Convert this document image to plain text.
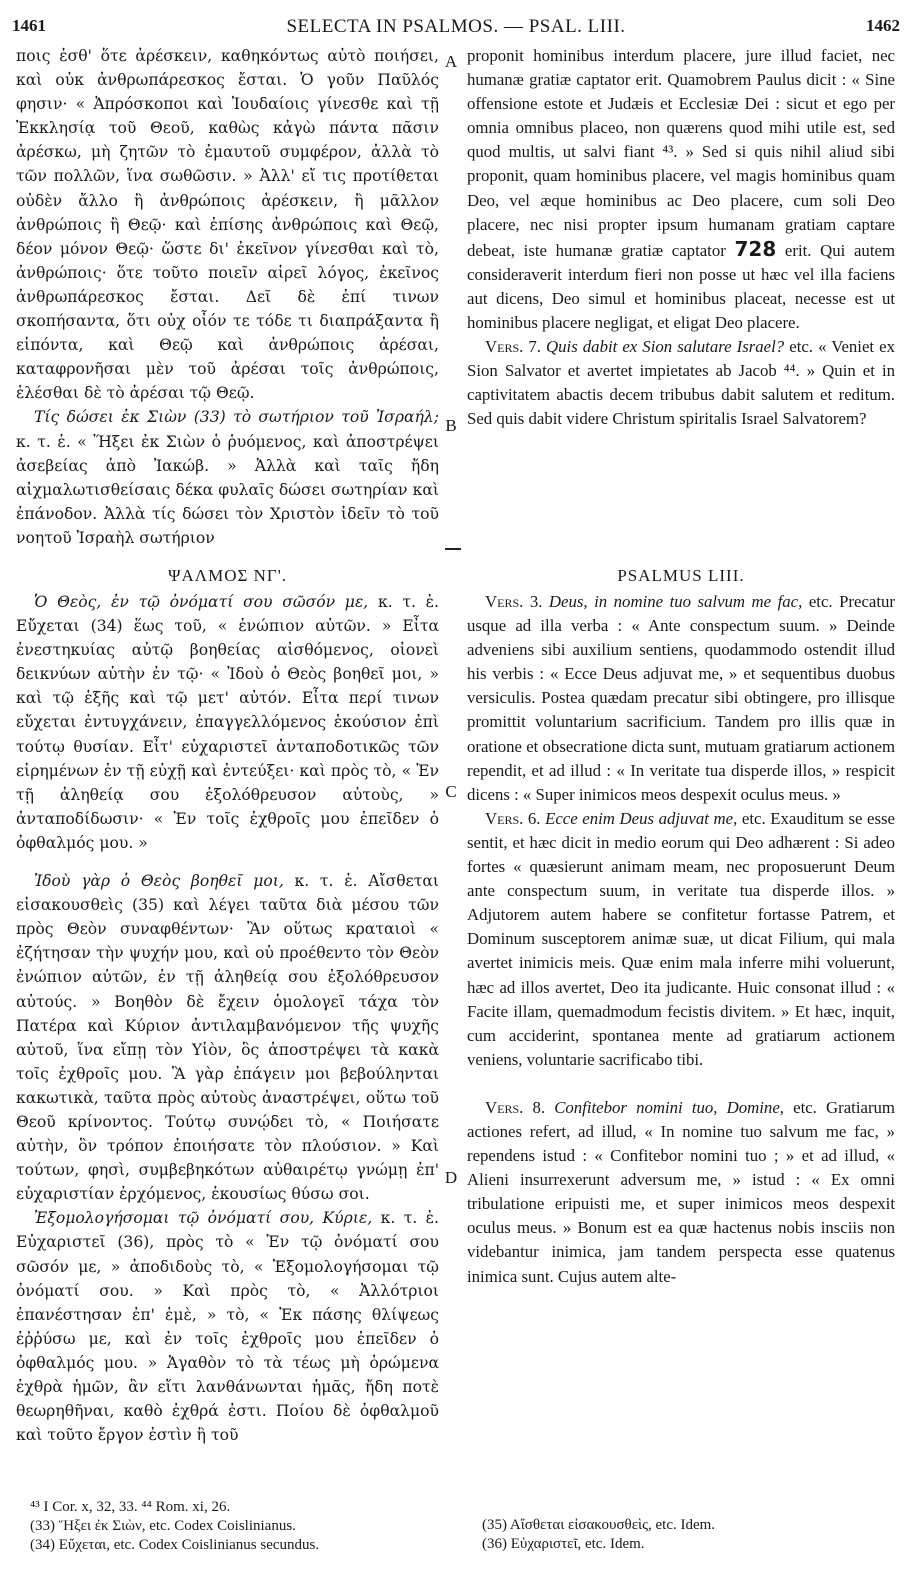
1461	SELECTA IN PSALMOS. — PSAL. LIII.	1462

ποις ἐσθ' ὅτε ἀρέσκειν, καθηκόντως αὐτὸ ποιήσει, καὶ οὐκ ἀνθρωπάρεσκος ἔσται. Ὁ γοῦν Παῦλός φησιν· « Ἀπρόσκοποι καὶ Ἰουδαίοις γίνεσθε καὶ τῇ Ἐκκλησίᾳ τοῦ Θεοῦ, καθὼς κἀγὼ πάντα πᾶσιν ἀρέσκω, μὴ ζητῶν τὸ ἐμαυτοῦ συμφέρον, ἀλλὰ τὸ τῶν πολλῶν, ἵνα σωθῶσιν. » Ἀλλ' εἴ τις προτίθεται οὐδὲν ἄλλο ἢ ἀνθρώποις ἀρέσκειν, ἢ μᾶλλον ἀνθρώποις ἢ Θεῷ· καὶ ἐπίσης ἀνθρώποις καὶ Θεῷ, δέον μόνον Θεῷ· ὥστε δι' ἐκεῖνον γίνεσθαι καὶ τὸ, ἀνθρώποις· ὅτε τοῦτο ποιεῖν αἱρεῖ λόγος, ἐκεῖνος ἀνθρωπάρεσκος ἔσται. Δεῖ δὲ ἐπί τινων σκοπήσαντα, ὅτι οὐχ οἷόν τε τόδε τι διαπράξαντα ἢ εἰπόντα, καὶ Θεῷ καὶ ἀνθρώποις ἀρέσαι, καταφρονῆσαι μὲν τοῦ ἀρέσαι τοῖς ἀνθρώποις, ἑλέσθαι δὲ τὸ ἀρέσαι τῷ Θεῷ.

Τίς δώσει ἐκ Σιὼν (33) τὸ σωτήριον τοῦ Ἰσραήλ; κ. τ. ἑ. « Ἥξει ἐκ Σιὼν ὁ ῥυόμενος, καὶ ἀποστρέψει ἀσεβείας ἀπὸ Ἰακώβ. » Ἀλλὰ καὶ ταῖς ἤδη αἰχμαλωτισθείσαις δέκα φυλαῖς δώσει σωτηρίαν καὶ ἐπάνοδον. Ἀλλὰ τίς δώσει τὸν Χριστὸν ἰδεῖν τὸ τοῦ νοητοῦ Ἰσραὴλ σωτήριον

proponit hominibus interdum placere, jure illud faciet, nec humanæ gratiæ captator erit. Quamobrem Paulus dicit : « Sine offensione estote et Judæis et Ecclesiæ Dei : sicut et ego per omnia omnibus placeo, non quærens quod mihi utile est, sed quod multis, ut salvi fiant ⁴³. » Sed si quis nihil aliud sibi proponit, quam hominibus placere, vel magis hominibus quam Deo, vel æque hominibus ac Deo placere, cum soli Deo placere, nec nisi propter ipsum humanam gratiam captare debeat, iste humanæ gratiæ captator 728 erit. Qui autem consideraverit interdum fieri non posse ut hæc vel illa faciens aut dicens, Deo simul et hominibus placeat, necesse est ut hominibus placere negligat, et eligat Deo placere.

Vers. 7. Quis dabit ex Sion salutare Israel? etc. « Veniet ex Sion Salvator et avertet impietates ab Jacob ⁴⁴. » Quin et in captivitatem abactis decem tribubus dabit salutem et reditum. Sed quis dabit videre Christum spiritalis Israel Salvatorem?

A
B
C
D
ΨΑΛΜΟΣ ΝΓ'.	PSALMUS LIII.

Ὁ Θεὸς, ἐν τῷ ὀνόματί σου σῶσόν με, κ. τ. ἑ. Εὔχεται (34) ἕως τοῦ, « ἐνώπιον αὐτῶν. » Εἶτα ἐνεστηκυίας αὐτῷ βοηθείας αἰσθόμενος, οἱονεὶ δεικνύων αὐτὴν ἐν τῷ· « Ἰδοὺ ὁ Θεὸς βοηθεῖ μοι, » καὶ τῷ ἑξῆς καὶ τῷ μετ' αὐτόν. Εἶτα περί τινων εὔχεται ἐντυγχάνειν, ἐπαγγελλόμενος ἑκούσιον ἐπὶ τούτῳ θυσίαν. Εἶτ' εὐχαριστεῖ ἀνταποδοτικῶς τῶν εἰρημένων ἐν τῇ εὐχῇ καὶ ἐντεύξει· καὶ πρὸς τὸ, « Ἐν τῇ ἀληθείᾳ σου ἐξολόθρευσον αὐτοὺς, » ἀνταποδίδωσιν· « Ἐν τοῖς ἐχθροῖς μου ἐπεῖδεν ὁ ὀφθαλμός μου. »

Ἰδοὺ γὰρ ὁ Θεὸς βοηθεῖ μοι, κ. τ. ἑ. Αἴσθεται εἰσακουσθεὶς (35) καὶ λέγει ταῦτα διὰ μέσου τῶν πρὸς Θεὸν συναφθέντων· Ἂν οὕτως κραταιοὶ « ἐζήτησαν τὴν ψυχήν μου, καὶ οὐ προέθεντο τὸν Θεὸν ἐνώπιον αὐτῶν, ἐν τῇ ἀληθείᾳ σου ἐξολόθρευσον αὐτούς. » Βοηθὸν δὲ ἔχειν ὁμολογεῖ τάχα τὸν Πατέρα καὶ Κύριον ἀντιλαμβανόμενον τῆς ψυχῆς αὐτοῦ, ἵνα εἴπῃ τὸν Υἱὸν, ὃς ἀποστρέψει τὰ κακὰ τοῖς ἐχθροῖς μου. Ἃ γὰρ ἐπάγειν μοι βεβούληνται κακωτικὰ, ταῦτα πρὸς αὐτοὺς ἀναστρέψει, οὕτω τοῦ Θεοῦ κρίνοντος. Τούτῳ συνῴδει τὸ, « Ποιήσατε αὐτὴν, ὃν τρόπον ἐποιήσατε τὸν πλούσιον. » Καὶ τούτων, φησὶ, συμβεβηκότων αὐθαιρέτῳ γνώμῃ ἐπ' εὐχαριστίαν ἐρχόμενος, ἑκουσίως θύσω σοι.

Ἐξομολογήσομαι τῷ ὀνόματί σου, Κύριε, κ. τ. ἑ. Εὐχαριστεῖ (36), πρὸς τὸ « Ἐν τῷ ὀνόματί σου σῶσόν με, » ἀποδιδοὺς τὸ, « Ἐξομολογήσομαι τῷ ὀνόματί σου. » Καὶ πρὸς τὸ, « Ἀλλότριοι ἐπανέστησαν ἐπ' ἐμὲ, » τὸ, « Ἐκ πάσης θλίψεως ἐῤῥύσω με, καὶ ἐν τοῖς ἐχθροῖς μου ἐπεῖδεν ὁ ὀφθαλμός μου. » Ἀγαθὸν τὸ τὰ τέως μὴ ὁρώμενα ἐχθρὰ ἡμῶν, ἂν εἴτι λανθάνωνται ἡμᾶς, ἤδη ποτὲ θεωρηθῆναι, καθὸ ἐχθρά ἐστι. Ποίου δὲ ὀφθαλμοῦ καὶ τοῦτο ἔργον ἐστὶν ἢ τοῦ

Vers. 3. Deus, in nomine tuo salvum me fac, etc. Precatur usque ad illa verba : « Ante conspectum suum. » Deinde adveniens sibi auxilium sentiens, quodammodo ostendit illud his verbis : « Ecce Deus adjuvat me, » et sequentibus duobus versiculis. Postea quædam precatur sibi obtingere, pro illisque promittit voluntarium sacrificium. Tandem pro illis quæ in oratione et obsecratione dicta sunt, mutuam gratiarum actionem rependit, et ad illud : « In veritate tua disperde illos, » respicit dicens : « Super inimicos meos despexit oculus meus. »

Vers. 6. Ecce enim Deus adjuvat me, etc. Exauditum se esse sentit, et hæc dicit in medio eorum qui Deo adhærent : Si adeo fortes « quæsierunt animam meam, nec proposuerunt Deum ante conspectum suum, in veritate tua disperde illos. » Adjutorem autem habere se confitetur fortasse Patrem, et Dominum susceptorem animæ suæ, ut dicat Filium, qui mala avertet inimicis meis. Quæ enim mala inferre mihi voluerunt, hæc ad illos avertet, Deo ita judicante. Huic consonat illud : « Facite illam, quemadmodum fecistis divitem. » Et hæc, inquit, cum acciderint, spontanea mente ad gratiarum actionem veniens, voluntarie sacrificabo tibi.

Vers. 8. Confitebor nomini tuo, Domine, etc. Gratiarum actiones refert, ad illud, « In nomine tuo salvum me fac, » rependens istud : « Confitebor nomini tuo ; » et ad illud, « Alieni insurrexerunt adversum me, » istud : « Ex omni tribulatione eripuisti me, et super inimicos meos despexit oculus meus. » Bonum est ea quæ hactenus nobis insciis non videbantur inimica, jam tandem perspecta esse quatenus inimica sunt. Cujus autem alte-

⁴³ I Cor. x, 32, 33. ⁴⁴ Rom. xi, 26.

(33) Ἥξει ἐκ Σιὼν, etc. Codex Coislinianus.

(34) Εὔχεται, etc. Codex Coislinianus secundus.

(35) Αἴσθεται εἰσακουσθεὶς, etc. Idem.

(36) Εὐχαριστεῖ, etc. Idem.
